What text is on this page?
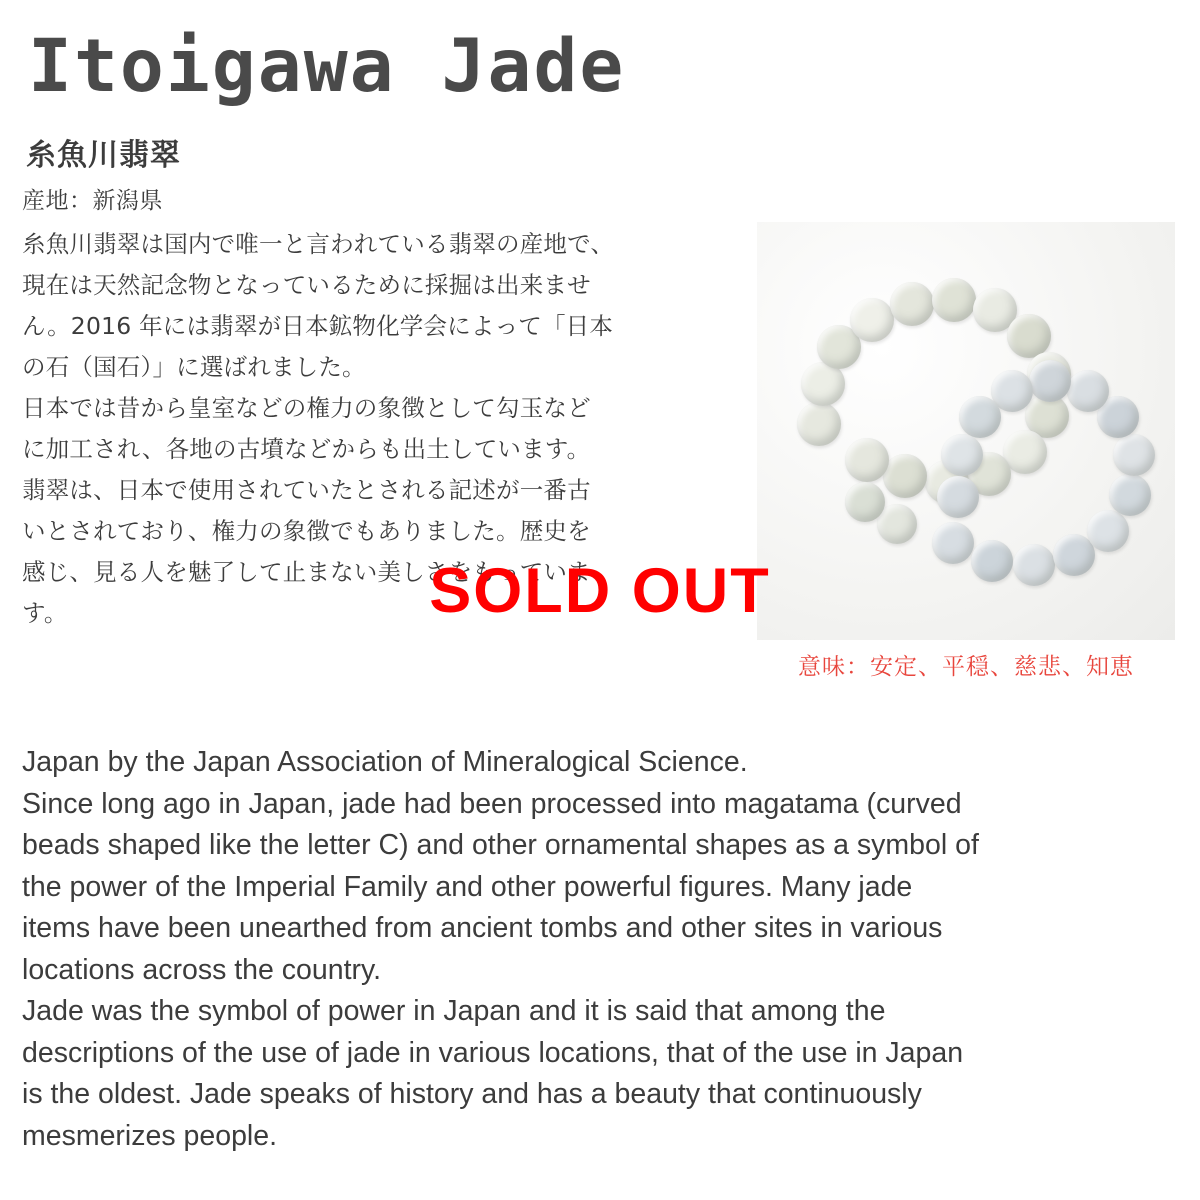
Itoigawa Jade
糸魚川翡翠
産地：新潟県

糸魚川翡翠は国内で唯一と言われている翡翠の産地で、

現在は天然記念物となっているために採掘は出来ませ

ん。2016 年には翡翠が日本鉱物化学会によって「日本

の石（国石）」に選ばれました。

日本では昔から皇室などの権力の象徴として勾玉など

に加工され、各地の古墳などからも出土しています。

翡翠は、日本で使用されていたとされる記述が一番古

いとされており、権力の象徴でもありました。歴史を

感じ、見る人を魅了して止まない美しさをもっていま

す。

意味：安定、平穏、慈悲、知恵
SOLD OUT

Japan by the Japan Association of Mineralogical Science.

Since long ago in Japan, jade had been processed into magatama (curved

beads shaped like the letter C) and other ornamental shapes as a symbol of

the power of the Imperial Family and other powerful figures. Many jade

items have been unearthed from ancient tombs and other sites in various

locations across the country.

Jade was the symbol of power in Japan and it is said that among the

descriptions of the use of jade in various locations, that of the use in Japan

is the oldest. Jade speaks of history and has a beauty that continuously

mesmerizes people.
